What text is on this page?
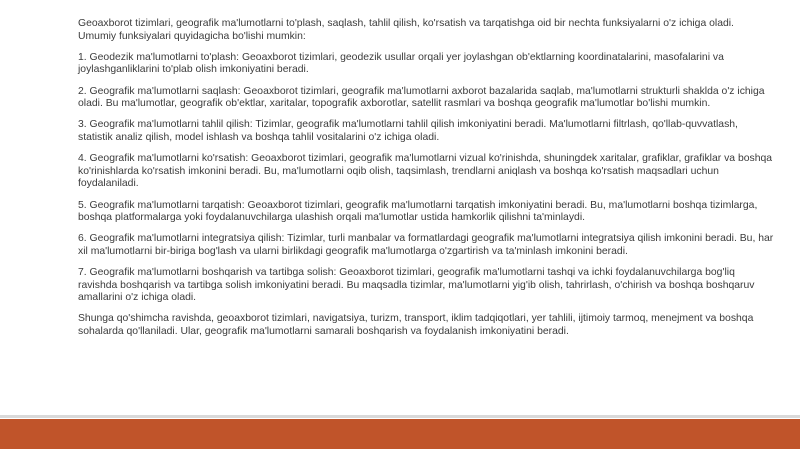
Geoaxborot tizimlari, geografik ma'lumotlarni to'plash, saqlash, tahlil qilish, ko'rsatish va tarqatishga oid bir nechta funksiyalarni o'z ichiga oladi. Umumiy funksiyalari quyidagicha bo'lishi mumkin:

1. Geodezik ma'lumotlarni to'plash: Geoaxborot tizimlari, geodezik usullar orqali yer joylashgan ob'ektlarning koordinatalarini, masofalarini va joylashganliklarini to'plab olish imkoniyatini beradi.

2. Geografik ma'lumotlarni saqlash: Geoaxborot tizimlari, geografik ma'lumotlarni axborot bazalarida saqlab, ma'lumotlarni strukturli shaklda o'z ichiga oladi. Bu ma'lumotlar, geografik ob'ektlar, xaritalar, topografik axborotlar, satellit rasmlari va boshqa geografik ma'lumotlar bo'lishi mumkin.

3. Geografik ma'lumotlarni tahlil qilish: Tizimlar, geografik ma'lumotlarni tahlil qilish imkoniyatini beradi. Ma'lumotlarni filtrlash, qo'llab-quvvatlash, statistik analiz qilish, model ishlash va boshqa tahlil vositalarini o'z ichiga oladi.

4. Geografik ma'lumotlarni ko'rsatish: Geoaxborot tizimlari, geografik ma'lumotlarni vizual ko'rinishda, shuningdek xaritalar, grafiklar, grafiklar va boshqa ko'rinishlarda ko'rsatish imkonini beradi. Bu, ma'lumotlarni oqib olish, taqsimlash, trendlarni aniqlash va boshqa ko'rsatish maqsadlari uchun foydalaniladi.

5. Geografik ma'lumotlarni tarqatish: Geoaxborot tizimlari, geografik ma'lumotlarni tarqatish imkoniyatini beradi. Bu, ma'lumotlarni boshqa tizimlarga, boshqa platformalarga yoki foydalanuvchilarga ulashish orqali ma'lumotlar ustida hamkorlik qilishni ta'minlaydi.

6. Geografik ma'lumotlarni integratsiya qilish: Tizimlar, turli manbalar va formatlardagi geografik ma'lumotlarni integratsiya qilish imkonini beradi. Bu, har xil ma'lumotlarni bir-biriga bog'lash va ularni birlikdagi geografik ma'lumotlarga o'zgartirish va ta'minlash imkonini beradi.

7. Geografik ma'lumotlarni boshqarish va tartibga solish: Geoaxborot tizimlari, geografik ma'lumotlarni tashqi va ichki foydalanuvchilarga bog'liq ravishda boshqarish va tartibga solish imkoniyatini beradi. Bu maqsadla tizimlar, ma'lumotlarni yig'ib olish, tahrirlash, o'chirish va boshqa boshqaruv amallarini o'z ichiga oladi.

Shunga qo'shimcha ravishda, geoaxborot tizimlari, navigatsiya, turizm, transport, iklim tadqiqotlari, yer tahlili, ijtimoiy tarmoq, menejment va boshqa sohalarda qo'llaniladi. Ular, geografik ma'lumotlarni samarali boshqarish va foydalanish imkoniyatini beradi.
